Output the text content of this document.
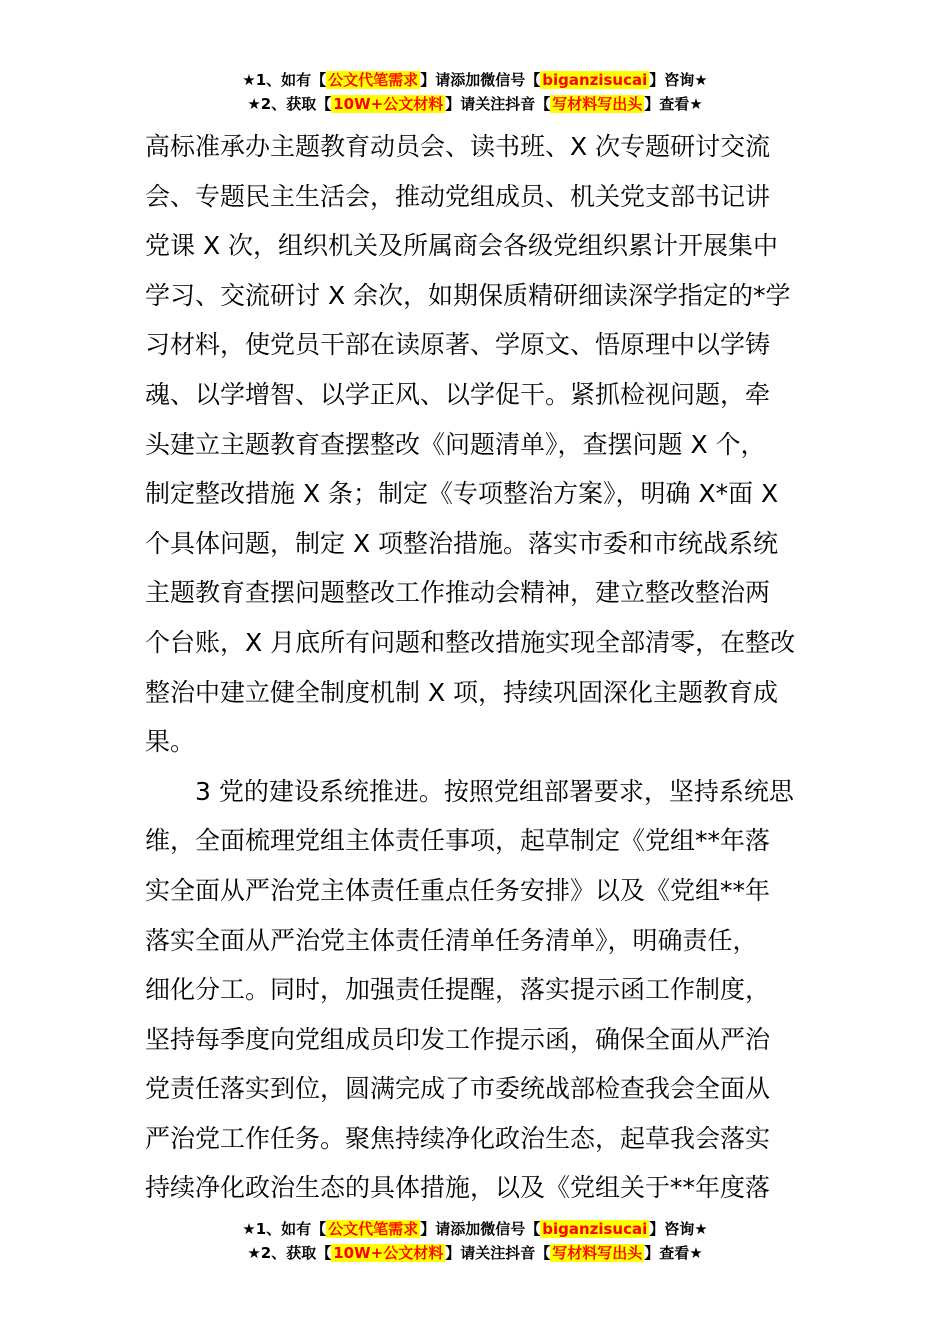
★1、如有【 公文代笔需求 】请添加微信号【 biganzisucai 】咨询★
★2、获取【 10W+公文材料 】请关注抖音【 写材料写出头 】查看★

高标准承办主题教育动员会、读书班、X 次专题研讨交流
会、专题民主生活会，推动党组成员、机关党支部书记讲
党课 X 次，组织机关及所属商会各级党组织累计开展集中
学习、交流研讨 X 余次，如期保质精研细读深学指定的*学
习材料，使党员干部在读原著、学原文、悟原理中以学铸
魂、以学增智、以学正风、以学促干。紧抓检视问题，牵
头建立主题教育查摆整改《问题清单》，查摆问题 X 个，
制定整改措施 X 条；制定《专项整治方案》，明确 X*面 X
个具体问题，制定 X 项整治措施。落实市委和市统战系统
主题教育查摆问题整改工作推动会精神，建立整改整治两
个台账，X 月底所有问题和整改措施实现全部清零，在整改
整治中建立健全制度机制 X 项，持续巩固深化主题教育成
果。

3 党的建设系统推进。按照党组部署要求，坚持系统思
维，全面梳理党组主体责任事项，起草制定《党组**年落
实全面从严治党主体责任重点任务安排》以及《党组**年
落实全面从严治党主体责任清单任务清单》，明确责任，
细化分工。同时，加强责任提醒，落实提示函工作制度，
坚持每季度向党组成员印发工作提示函，确保全面从严治
党责任落实到位，圆满完成了市委统战部检查我会全面从
严治党工作任务。聚焦持续净化政治生态，起草我会落实
持续净化政治生态的具体措施，以及《党组关于**年度落

★1、如有【 公文代笔需求 】请添加微信号【 biganzisucai 】咨询★
★2、获取【 10W+公文材料 】请关注抖音【 写材料写出头 】查看★
